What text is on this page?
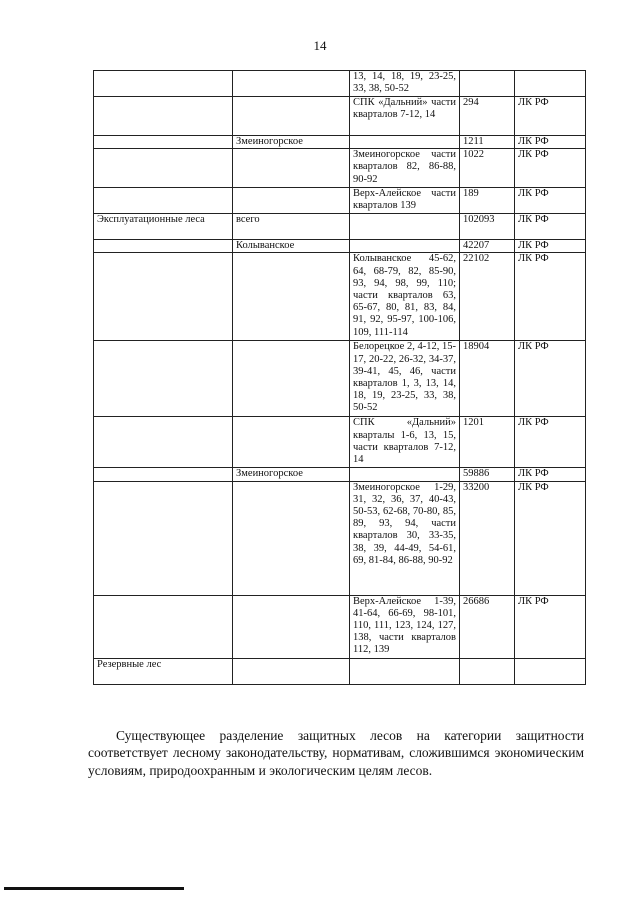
14
		13, 14, 18, 19, 23-25, 33, 38, 50-52		
		СПК «Дальний» части кварталов 7-12, 14	294	ЛК РФ
	Змеиногорское		1211	ЛК РФ
		Змеиногорское части кварталов 82, 86-88, 90-92	1022	ЛК РФ
		Верх-Алейское части кварталов 139	189	ЛК РФ
Эксплуатационные леса	всего		102093	ЛК РФ
	Колыванское		42207	ЛК РФ
		Колыванское 45-62, 64, 68-79, 82, 85-90, 93, 94, 98, 99, 110; части кварталов 63, 65-67, 80, 81, 83, 84, 91, 92, 95-97, 100-106, 109, 111-114	22102	ЛК РФ
		Белорецкое 2, 4-12, 15-17, 20-22, 26-32, 34-37, 39-41, 45, 46, части кварталов 1, 3, 13, 14, 18, 19, 23-25, 33, 38, 50-52	18904	ЛК РФ
		СПК «Дальний» кварталы 1-6, 13, 15, части кварталов 7-12, 14	1201	ЛК РФ
	Змеиногорское		59886	ЛК РФ
		Змеиногорское 1-29, 31, 32, 36, 37, 40-43, 50-53, 62-68, 70-80, 85, 89, 93, 94, части кварталов 30, 33-35, 38, 39, 44-49, 54-61, 69, 81-84, 86-88, 90-92	33200	ЛК РФ
		Верх-Алейское 1-39, 41-64, 66-69, 98-101, 110, 111, 123, 124, 127, 138, части кварталов 112, 139	26686	ЛК РФ
Резервные лес				

Существующее разделение защитных лесов на категории защитности соответствует лесному законодательству, нормативам, сложившимся экономическим условиям, природоохранным и экологическим целям лесов.
